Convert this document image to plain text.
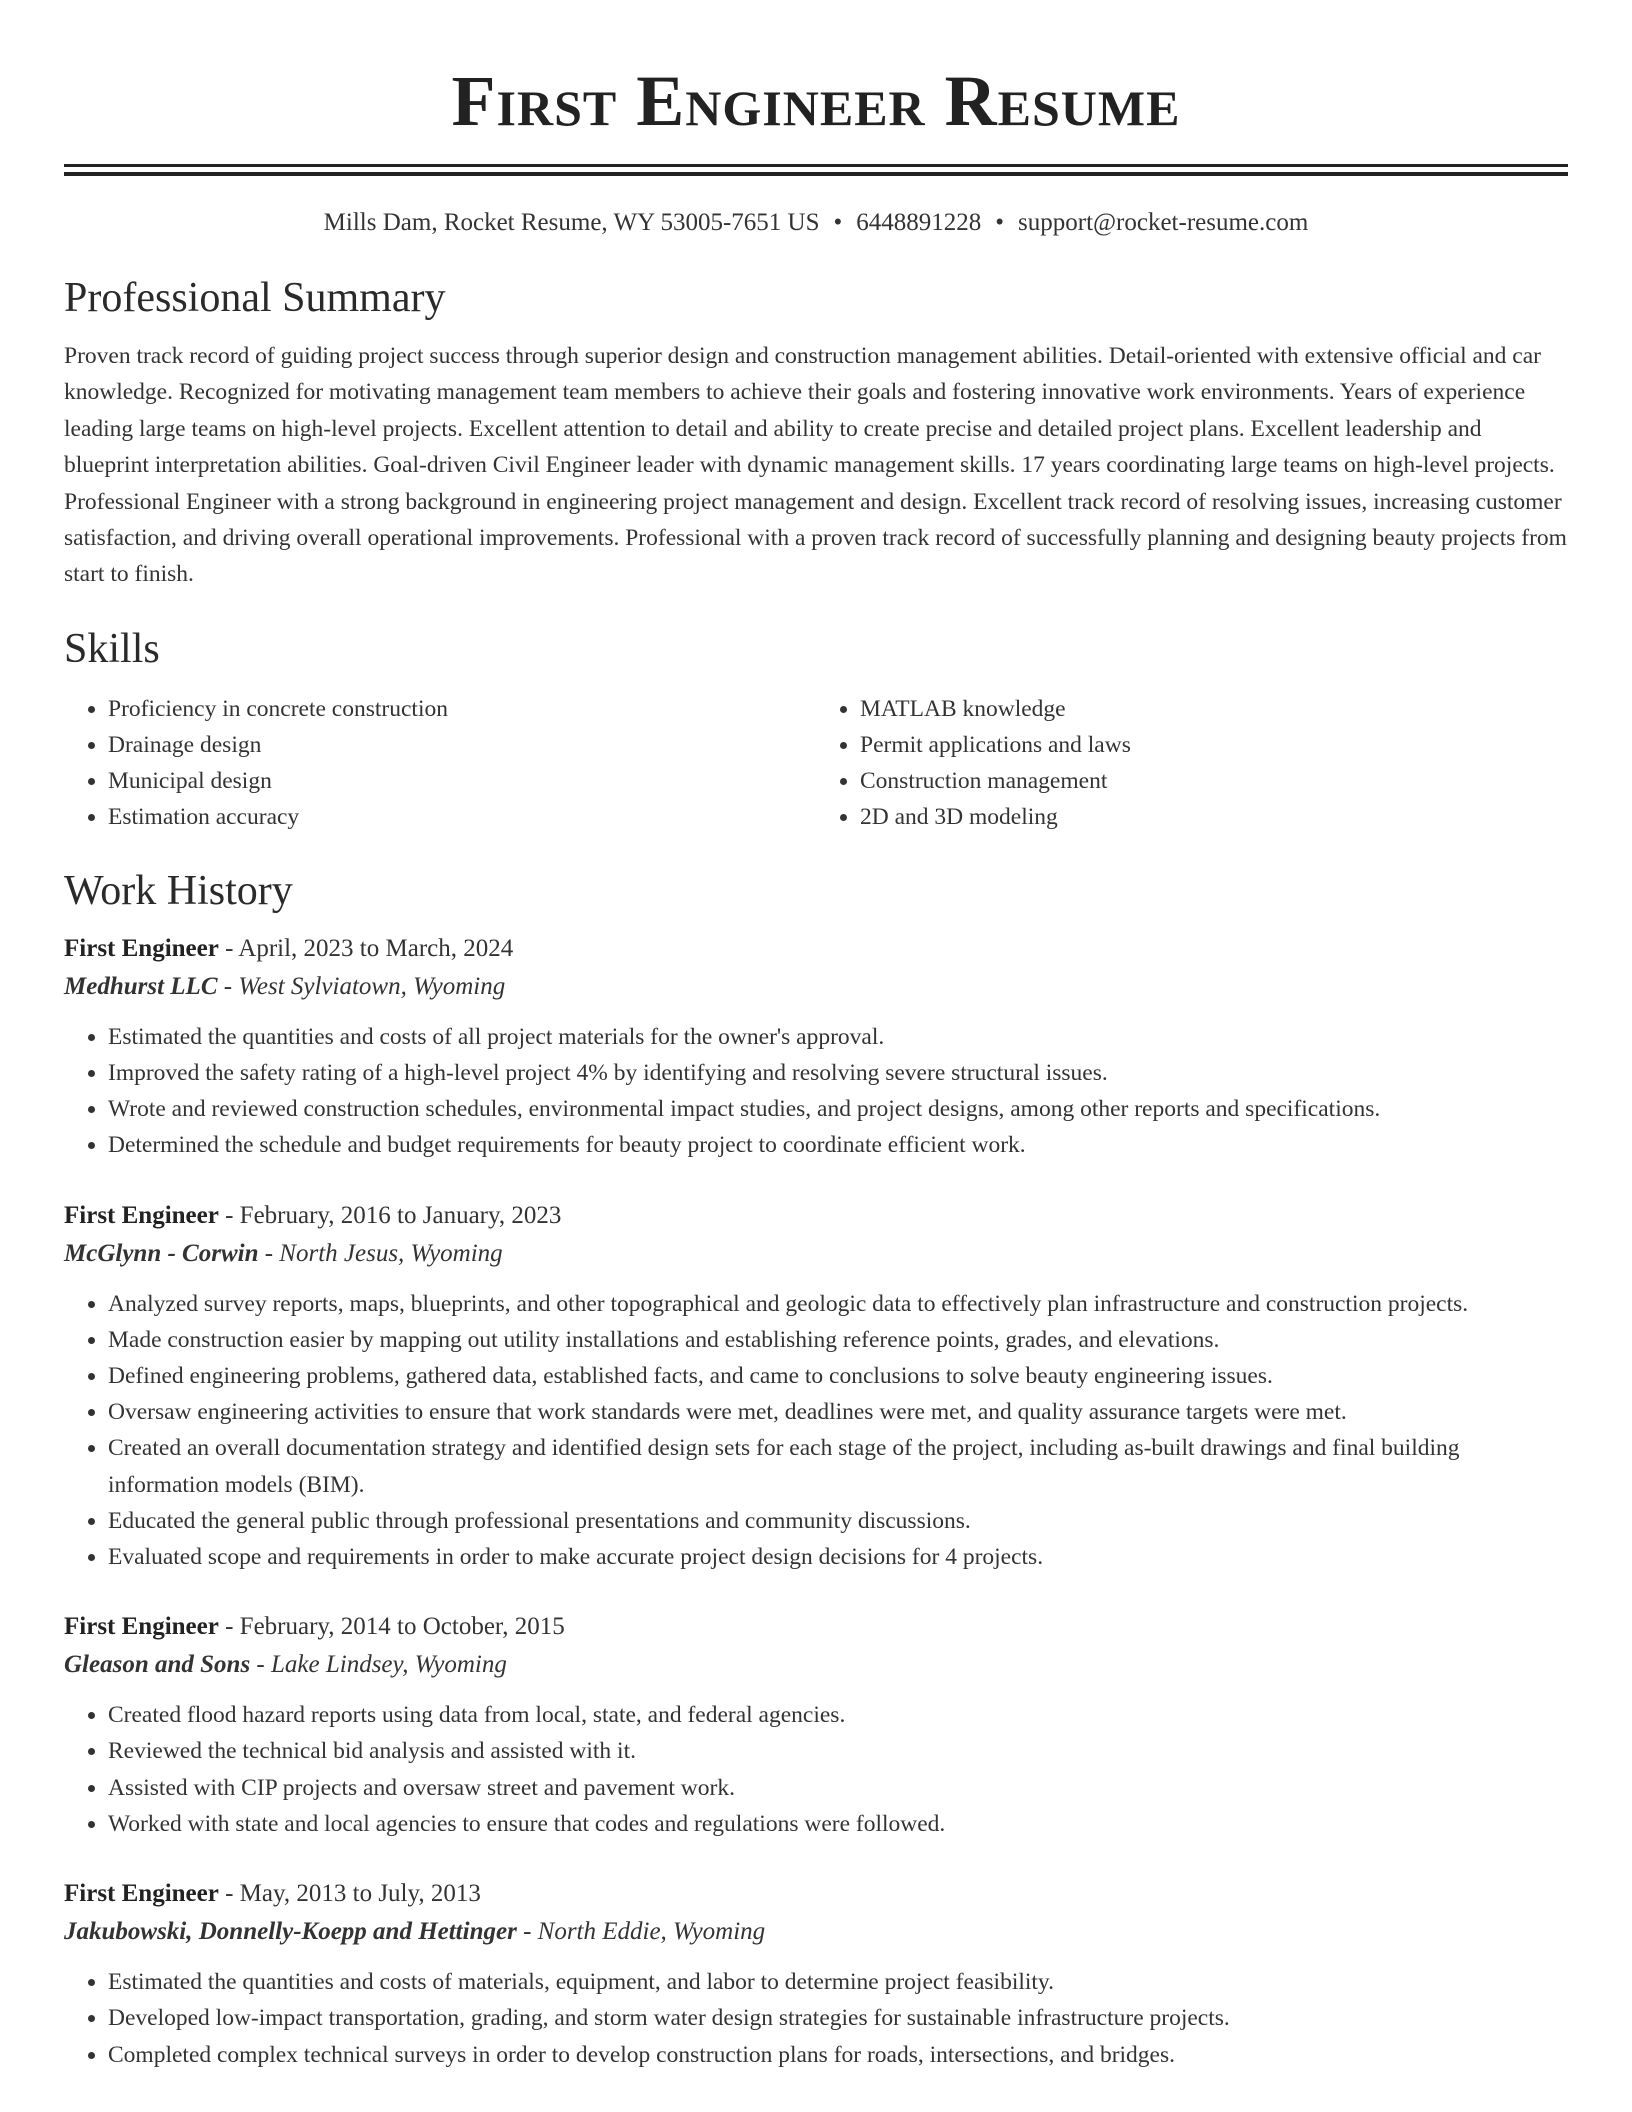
First Engineer Resume
Mills Dam, Rocket Resume, WY 53005-7651 US • 6448891228 • support@rocket-resume.com
Professional Summary
Proven track record of guiding project success through superior design and construction management abilities. Detail-oriented with extensive official and car knowledge. Recognized for motivating management team members to achieve their goals and fostering innovative work environments. Years of experience leading large teams on high-level projects. Excellent attention to detail and ability to create precise and detailed project plans. Excellent leadership and blueprint interpretation abilities. Goal-driven Civil Engineer leader with dynamic management skills. 17 years coordinating large teams on high-level projects. Professional Engineer with a strong background in engineering project management and design. Excellent track record of resolving issues, increasing customer satisfaction, and driving overall operational improvements. Professional with a proven track record of successfully planning and designing beauty projects from start to finish.
Skills
• Proficiency in concrete construction
• Drainage design
• Municipal design
• Estimation accuracy
• MATLAB knowledge
• Permit applications and laws
• Construction management
• 2D and 3D modeling
Work History
First Engineer - April, 2023 to March, 2024
Medhurst LLC - West Sylviatown, Wyoming
• Estimated the quantities and costs of all project materials for the owner's approval.
• Improved the safety rating of a high-level project 4% by identifying and resolving severe structural issues.
• Wrote and reviewed construction schedules, environmental impact studies, and project designs, among other reports and specifications.
• Determined the schedule and budget requirements for beauty project to coordinate efficient work.
First Engineer - February, 2016 to January, 2023
McGlynn - Corwin - North Jesus, Wyoming
• Analyzed survey reports, maps, blueprints, and other topographical and geologic data to effectively plan infrastructure and construction projects.
• Made construction easier by mapping out utility installations and establishing reference points, grades, and elevations.
• Defined engineering problems, gathered data, established facts, and came to conclusions to solve beauty engineering issues.
• Oversaw engineering activities to ensure that work standards were met, deadlines were met, and quality assurance targets were met.
• Created an overall documentation strategy and identified design sets for each stage of the project, including as-built drawings and final building information models (BIM).
• Educated the general public through professional presentations and community discussions.
• Evaluated scope and requirements in order to make accurate project design decisions for 4 projects.
First Engineer - February, 2014 to October, 2015
Gleason and Sons - Lake Lindsey, Wyoming
• Created flood hazard reports using data from local, state, and federal agencies.
• Reviewed the technical bid analysis and assisted with it.
• Assisted with CIP projects and oversaw street and pavement work.
• Worked with state and local agencies to ensure that codes and regulations were followed.
First Engineer - May, 2013 to July, 2013
Jakubowski, Donnelly-Koepp and Hettinger - North Eddie, Wyoming
• Estimated the quantities and costs of materials, equipment, and labor to determine project feasibility.
• Developed low-impact transportation, grading, and storm water design strategies for sustainable infrastructure projects.
• Completed complex technical surveys in order to develop construction plans for roads, intersections, and bridges.
